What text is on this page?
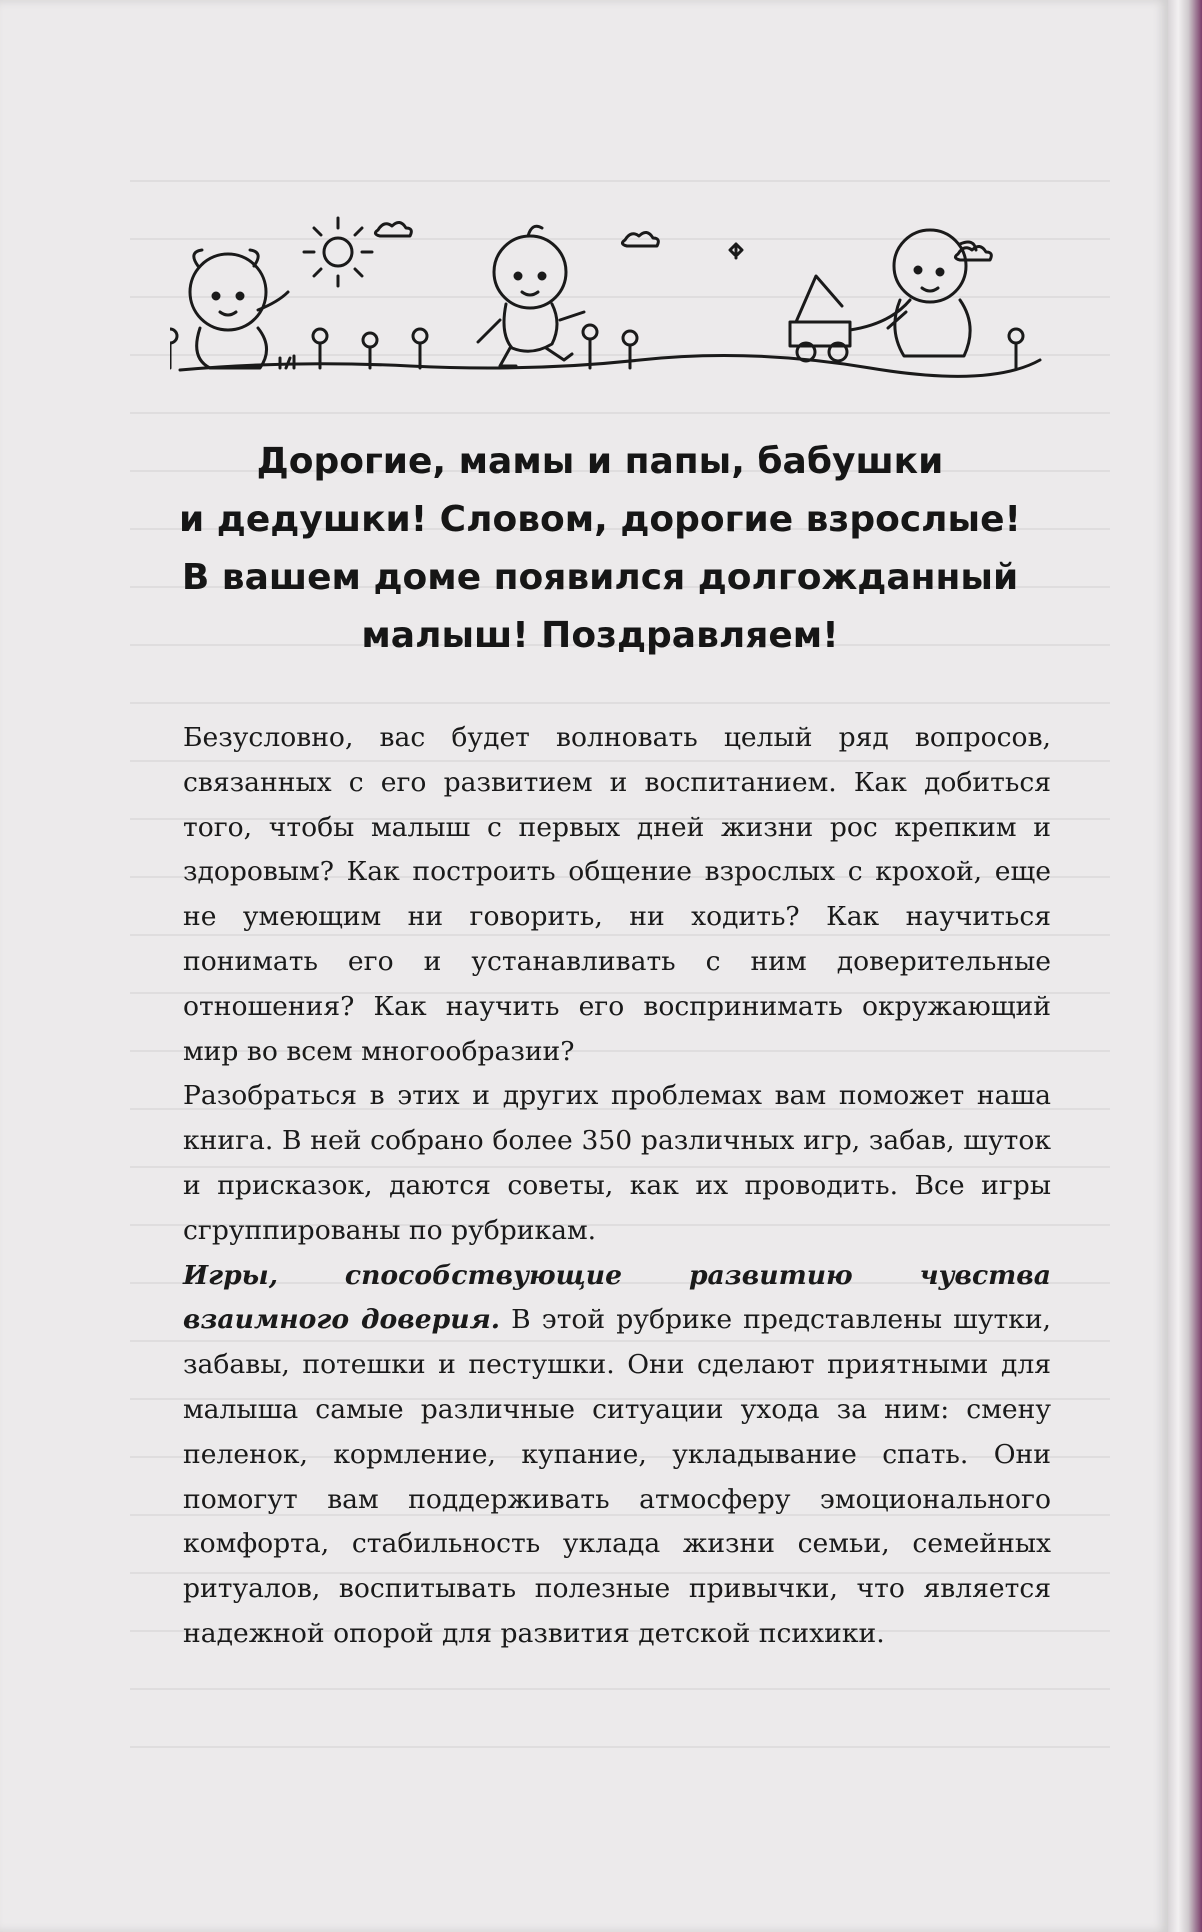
Дорогие, мамы и папы, бабушки
и дедушки! Словом, дорогие взрослые!
В вашем доме появился долгожданный
малыш! Поздравляем!

Безусловно, вас будет волновать целый ряд вопросов, связанных с его развитием и воспитанием. Как добиться того, чтобы малыш с первых дней жизни рос крепким и здоровым? Как построить общение взрослых с крохой, еще не умеющим ни говорить, ни ходить? Как научиться понимать его и устанавливать с ним доверительные отношения? Как научить его воспринимать окружающий мир во всем многообразии?

Разобраться в этих и других проблемах вам поможет наша книга. В ней собрано более 350 различных игр, забав, шуток и присказок, даются советы, как их проводить. Все игры сгруппированы по рубрикам.

Игры, способствующие развитию чувства взаимного доверия. В этой рубрике представлены шутки, забавы, потешки и пестушки. Они сделают приятными для малыша самые различные ситуации ухода за ним: смену пеленок, кормление, купание, укладывание спать. Они помогут вам поддерживать атмосферу эмоционального комфорта, стабильность уклада жизни семьи, семейных ритуалов, воспитывать полезные привычки, что является надежной опорой для развития детской психики.
